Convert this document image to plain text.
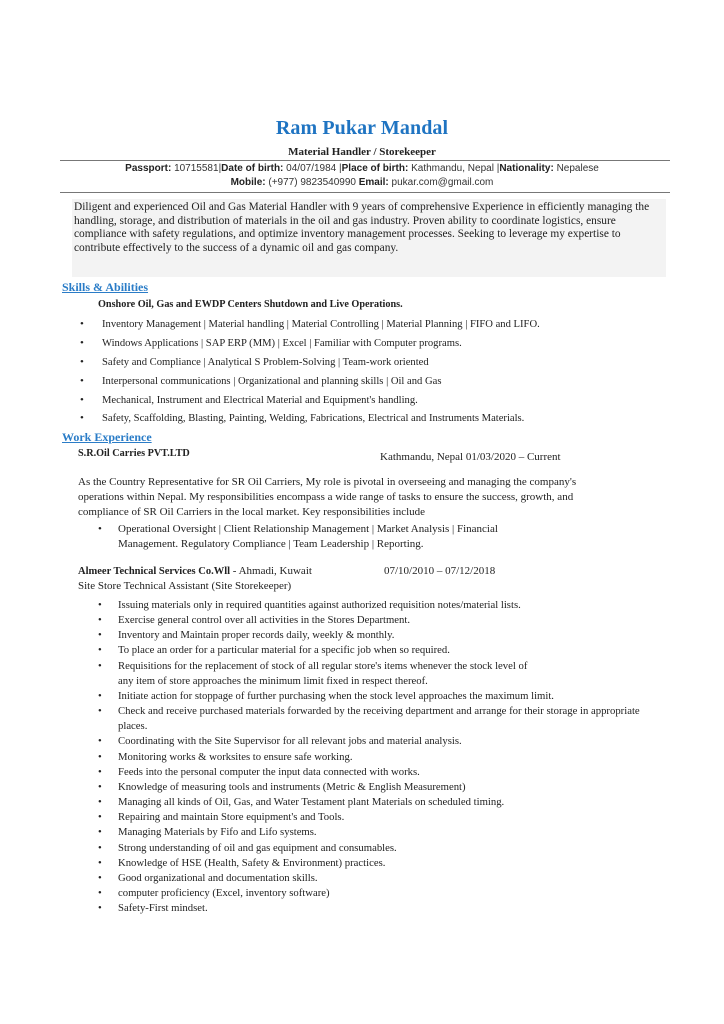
Ram Pukar Mandal
Material Handler / Storekeeper
Passport: 10715581|Date of birth: 04/07/1984 |Place of birth: Kathmandu, Nepal |Nationality: Nepalese
Mobile: (+977) 9823540990 Email: pukar.com@gmail.com
Diligent and experienced Oil and Gas Material Handler with 9 years of comprehensive Experience in efficiently managing the handling, storage, and distribution of materials in the oil and gas industry. Proven ability to coordinate logistics, ensure compliance with safety regulations, and optimize inventory management processes. Seeking to leverage my expertise to contribute effectively to the success of a dynamic oil and gas company.
Skills & Abilities
Onshore Oil, Gas and EWDP Centers Shutdown and Live Operations.
• Inventory Management | Material handling | Material Controlling | Material Planning | FIFO and LIFO.
• Windows Applications | SAP ERP (MM) | Excel | Familiar with Computer programs.
• Safety and Compliance | Analytical S Problem-Solving | Team-work oriented
• Interpersonal communications | Organizational and planning skills | Oil and Gas
• Mechanical, Instrument and Electrical Material and Equipment's handling.
• Safety, Scaffolding, Blasting, Painting, Welding, Fabrications, Electrical and Instruments Materials.
Work Experience
S.R.Oil Carries PVT.LTD	Kathmandu, Nepal 01/03/2020 – Current
As the Country Representative for SR Oil Carriers, My role is pivotal in overseeing and managing the company's operations within Nepal. My responsibilities encompass a wide range of tasks to ensure the success, growth, and compliance of SR Oil Carriers in the local market. Key responsibilities include
• Operational Oversight | Client Relationship Management | Market Analysis | Financial Management. Regulatory Compliance | Team Leadership | Reporting.
Almeer Technical Services Co.Wll - Ahmadi, Kuwait	07/10/2010 – 07/12/2018
Site Store Technical Assistant (Site Storekeeper)
• Issuing materials only in required quantities against authorized requisition notes/material lists.
• Exercise general control over all activities in the Stores Department.
• Inventory and Maintain proper records daily, weekly & monthly.
• To place an order for a particular material for a specific job when so required.
• Requisitions for the replacement of stock of all regular store's items whenever the stock level of any item of store approaches the minimum limit fixed in respect thereof.
• Initiate action for stoppage of further purchasing when the stock level approaches the maximum limit.
• Check and receive purchased materials forwarded by the receiving department and arrange for their storage in appropriate places.
• Coordinating with the Site Supervisor for all relevant jobs and material analysis.
• Monitoring works & worksites to ensure safe working.
• Feeds into the personal computer the input data connected with works.
• Knowledge of measuring tools and instruments (Metric & English Measurement)
• Managing all kinds of Oil, Gas, and Water Testament plant Materials on scheduled timing.
• Repairing and maintain Store equipment's and Tools.
• Managing Materials by Fifo and Lifo systems.
• Strong understanding of oil and gas equipment and consumables.
• Knowledge of HSE (Health, Safety & Environment) practices.
• Good organizational and documentation skills.
• computer proficiency (Excel, inventory software)
• Safety-First mindset.
